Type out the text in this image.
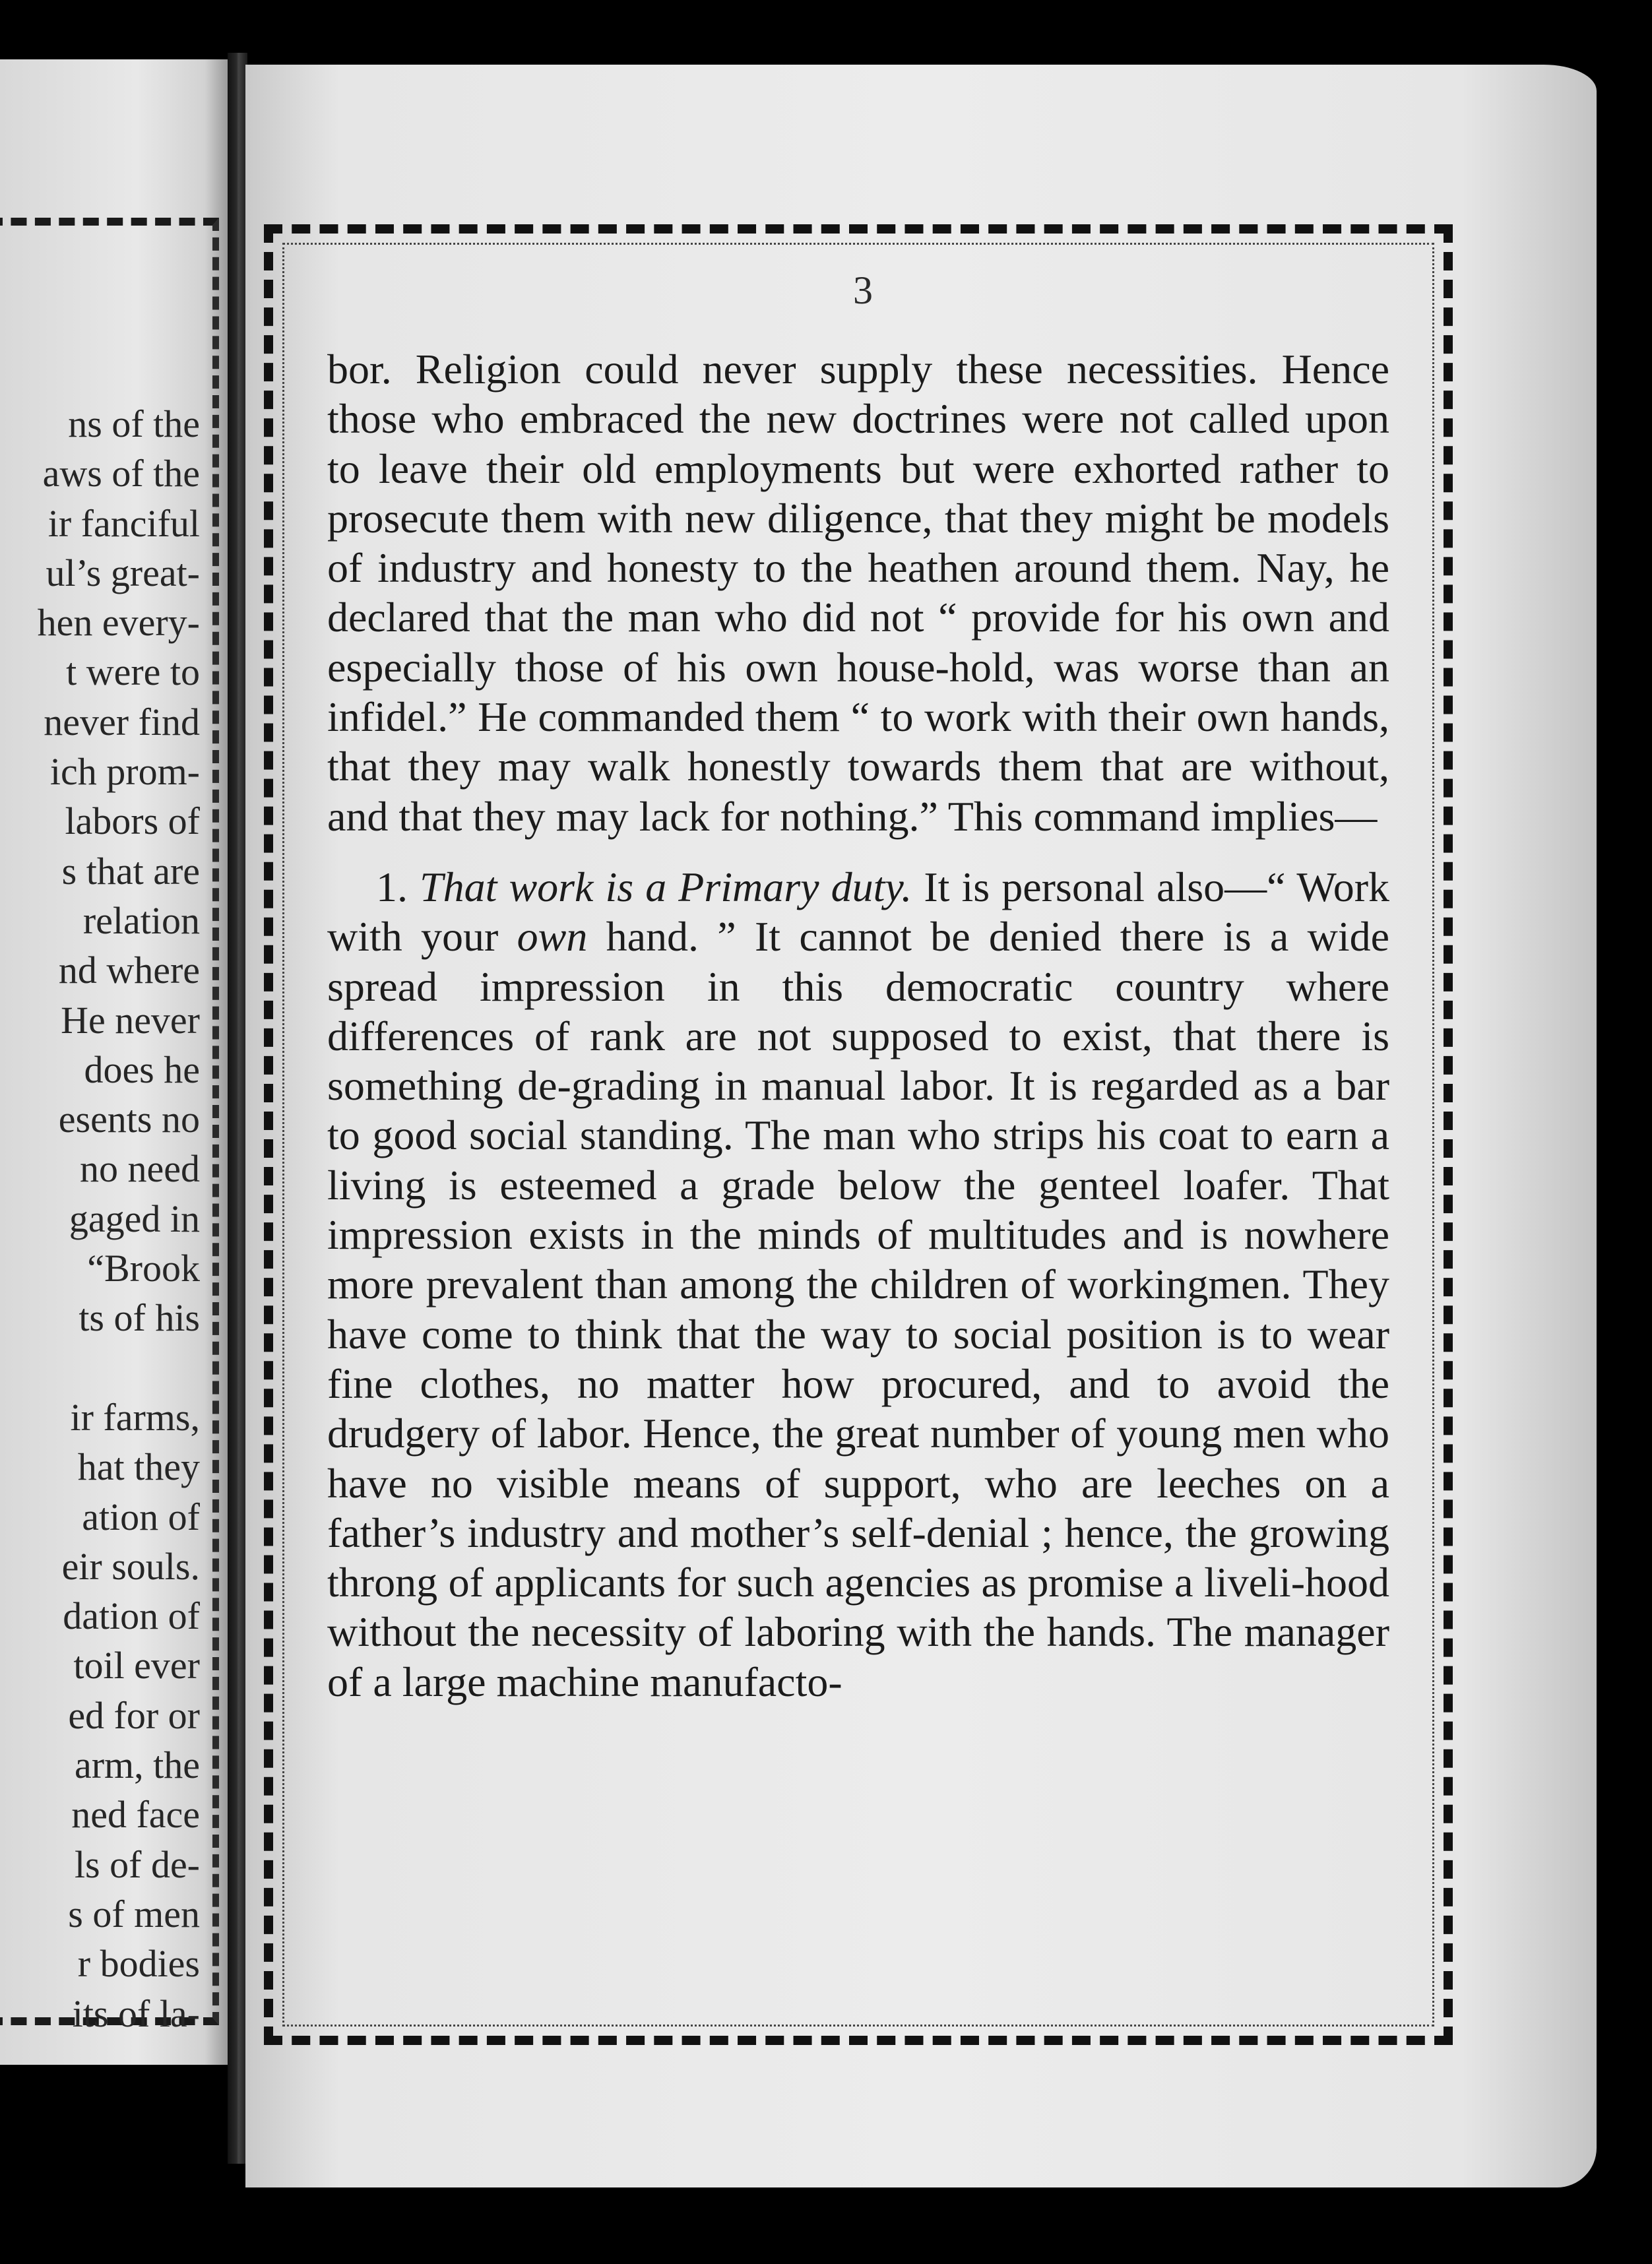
ns of the
aws of the
ir fanciful
ul’s great-
hen every-
t were to
never find
ich prom-
labors of
s that are
relation
nd where
He never
does he
esents no
no need
gaged in
“Brook
ts of his
ir farms,
hat they
ation of
eir souls.
dation of
toil ever
ed for or
arm, the
ned face
ls of de-
s of men
r bodies
its of la-
3

bor. Religion could never supply these necessities. Hence those who embraced the new doctrines were not called upon to leave their old employments but were exhorted rather to prosecute them with new diligence, that they might be models of industry and honesty to the heathen around them. Nay, he declared that the man who did not “ provide for his own and especially those of his own house-hold, was worse than an infidel.” He commanded them “ to work with their own hands, that they may walk honestly towards them that are without, and that they may lack for nothing.” This command implies—

1. That work is a Primary duty. It is personal also—“ Work with your own hand. ” It cannot be denied there is a wide spread impression in this democratic country where differences of rank are not supposed to exist, that there is something de-grading in manual labor. It is regarded as a bar to good social standing. The man who strips his coat to earn a living is esteemed a grade below the genteel loafer. That impression exists in the minds of multitudes and is nowhere more prevalent than among the children of workingmen. They have come to think that the way to social position is to wear fine clothes, no matter how procured, and to avoid the drudgery of labor. Hence, the great number of young men who have no visible means of support, who are leeches on a father’s industry and mother’s self-denial ; hence, the growing throng of applicants for such agencies as promise a liveli-hood without the necessity of laboring with the hands. The manager of a large machine manufacto-
